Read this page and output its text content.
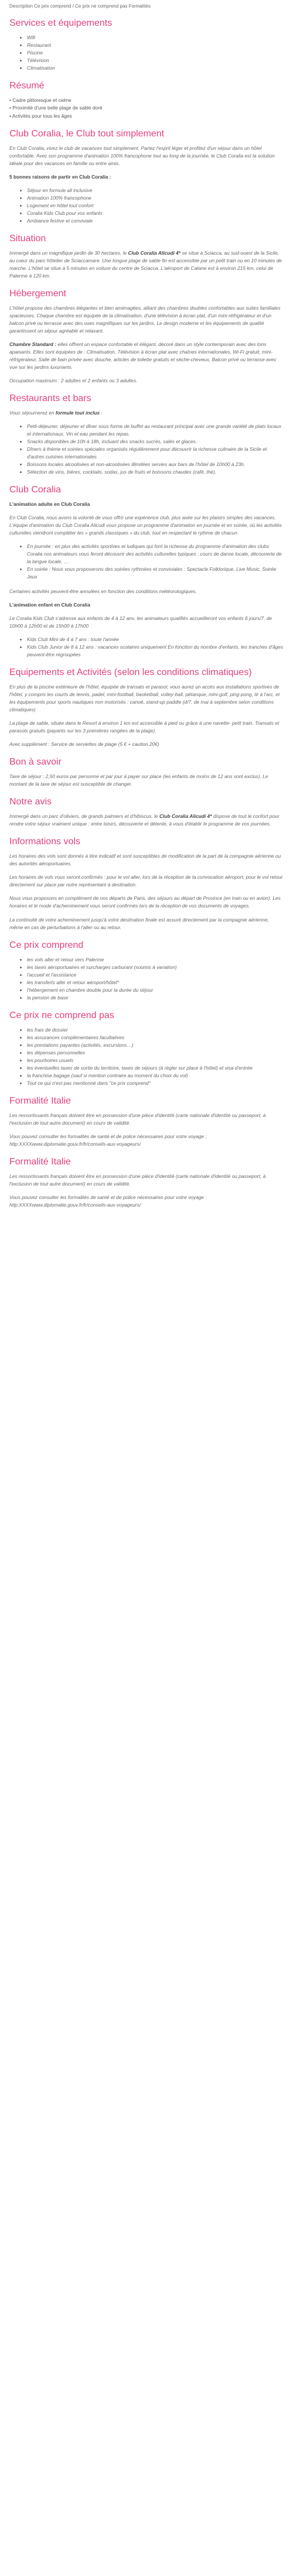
Description Ce prix comprend / Ce prix ne comprend pas Formalités
Services et équipements
• Wifi
• Restaurant
• Piscine
• Télévision
• Climatisation
Résumé
• Cadre pittoresque et calme
• Proximité d'une belle plage de sable doré
• Activités pour tous les âges
Club Coralia, le Club tout simplement

En Club Coralia, vivez le club de vacances tout simplement. Partez l'esprit léger et profitez d'un séjour dans un hôtel confortable. Avec son programme d'animation 100% francophone tout au long de la journée, le Club Coralia est la solution idéale pour des vacances en famille ou entre amis.

5 bonnes raisons de partir en Club Coralia :

• Séjour en formule all inclusive
• Animation 100% francophone
• Logement en hôtel tout confort
• Coralia Kids Club pour vos enfants
• Ambiance festive et conviviale
Situation

Immergé dans un magnifique jardin de 30 hectares, le Club Coralia Alicudi 4* se situe à Sciacca, au sud-ouest de la Sicile, au cœur du parc hôtelier de Sciaccamare. Une longue plage de sable fin est accessible par un petit train ou en 10 minutes de marche. L'hôtel se situe à 5 minutes en voiture du centre de Sciacca. L'aéroport de Catane est à environ 215 km, celui de Palerme à 120 km.

Hébergement

L'hôtel propose des chambres élégantes et bien aménagées, alliant des chambres doubles confortables aux suites familiales spacieuses. Chaque chambre est équipée de la climatisation, d'une télévision à écran plat, d'un mini-réfrigérateur et d'un balcon privé ou terrasse avec des vues magnifiques sur les jardins. Le design moderne et les équipements de qualité garantissent un séjour agréable et relaxant.

Chambre Standard : elles offrent un espace confortable et élégant, décoré dans un style contemporain avec des tons apaisants. Elles sont équipées de : Climatisation, Télévision à écran plat avec chaînes internationales, Wi-Fi gratuit, mini-réfrigérateur, Salle de bain privée avec douche, articles de toilette gratuits et sèche-cheveux, Balcon privé ou terrasse avec vue sur les jardins luxuriants.

Occupation maximum : 2 adultes et 2 enfants ou 3 adultes.

Restaurants et bars

Vous séjournerez en formule tout inclus :

• Petit-déjeuner, déjeuner et dîner sous forme de buffet au restaurant principal avec une grande variété de plats locaux et internationaux. Vin et eau pendant les repas.
• Snacks disponibles de 10h à 18h, incluant des snacks sucrés, salés et glaces.
• Dîners à thème et soirées spéciales organisés régulièrement pour découvrir la richesse culinaire de la Sicile et d'autres cuisines internationales
• Boissons locales alcoolisées et non-alcoolisées illimitées servies aux bars de l'hôtel de 10h00 à 23h.
• Sélection de vins, bières, cocktails, sodas, jus de fruits et boissons chaudes (café, thé).
Club Coralia

L'animation adulte en Club Coralia

En Club Coralia, nous avons la volonté de vous offrir une expérience club, plus axée sur les plaisirs simples des vacances. L'équipe d'animation du Club Coralia Alicudi vous propose un programme d'animation en journée et en soirée, où les activités culturelles viendront compléter les « grands classiques » du club, tout en respectant le rythme de chacun.

• En journée : en plus des activités sportives et ludiques qui font la richesse du programme d'animation des clubs Coralia nos animateurs vous feront découvrir des activités culturelles typiques : cours de danse locale, découverte de la langue locale, …
• En soirée : Nous vous proposerons des soirées rythmées et conviviales : Spectacle Folklorique, Live Music, Soirée Jeux

Certaines activités peuvent-être annulées en fonction des conditions météorologiques.

L'animation enfant en Club Coralia

Le Coralia Kids Club s'adresse aux enfants de 4 à 12 ans, les animateurs qualifiés accueilleront vos enfants 6 jours/7, de 10h00 à 12h00 et de 15h00 à 17h00

• Kids Club Mini de 4 à 7 ans : toute l'année
• Kids Club Junior de 8 à 12 ans : vacances scolaires uniquement En fonction du nombre d'enfants, les tranches d'âges peuvent-être regroupées
Equipements et Activités (selon les conditions climatiques)

En plus de la piscine extérieure de l'hôtel, équipée de transats et parasol, vous aurez un accès aux installations sportives de l'hôtel, y compris les courts de tennis, padel, mini-football, basketball, volley-ball, pétanque, mini-golf, ping-pong, tir à l'arc, et les équipements pour sports nautiques non motorisés : canoë, stand-up paddle (d/7, de mai à septembre selon conditions climatiques)

La plage de sable, située dans le Resort à environ 1 km est accessible à pied ou grâce à une navette- petit train. Transats et parasols gratuits (payants sur les 3 premières rangées de la plage).

Avec supplément : Service de serviettes de plage (5 € + caution 20€)

Bon à savoir

Taxe de séjour : 2,50 euros par personne et par jour à payer sur place (les enfants de moins de 12 ans sont exclus). Le montant de la taxe de séjour est susceptible de changer.

Notre avis

Immergé dans un parc d'oliviers, de grands palmiers et d'hibiscus, le Club Coralia Alicudi 4* dispose de tout le confort pour rendre votre séjour vraiment unique : entre loisirs, découverte et détente, à vous d'établir le programme de vos journées.

Informations vols

Les horaires des vols sont donnés à titre indicatif et sont susceptibles de modification de la part de la compagnie aérienne ou des autorités aéroportuaires.

Les horaires de vols vous seront confirmés : pour le vol aller, lors de la réception de la convocation aéroport, pour le vol retour directement sur place par notre représentant à destination.

Nous vous proposons en complément de nos départs de Paris, des séjours au départ de Province (en train ou en avion). Les horaires et le mode d'acheminement vous seront confirmés lors de la réception de vos documents de voyages.

La continuité de votre acheminement jusqu'à votre destination finale est assuré directement par la compagnie aérienne, même en cas de perturbations à l'aller ou au retour.

Ce prix comprend
• les vols aller et retour vers Palerme
• les taxes aéroportuaires et surcharges carburant (soumis à variation)
• l'accueil et l'assistance
• les transferts aller et retour aéroport/hôtel*
• l'hébergement en chambre double pour la durée du séjour
• la pension de base
Ce prix ne comprend pas
• les frais de dossier
• les assurances complémentaires facultatives
• les prestations payantes (activités, excursions…)
• les dépenses personnelles
• les pourboires usuels
• les éventuelles taxes de sortie du territoire, taxes de séjours (à régler sur place à l'hôtel) et visa d'entrée
• la franchise bagage (sauf si mention contraire au moment du choix du vol)
• Tout ce qui n'est pas mentionné dans "ce prix comprend"
Formalité Italie

Les ressortissants français doivent être en possession d'une pièce d'identité (carte nationale d'identité ou passeport, à l'exclusion de tout autre document) en cours de validité.

Vous pouvez consulter les formalités de santé et de police nécessaires pour votre voyage : http:XXXXwww.diplomatie.gouv.fr/fr/conseils-aux-voyageurs/

Formalité Italie

Les ressortissants français doivent être en possession d'une pièce d'identité (carte nationale d'identité ou passeport, à l'exclusion de tout autre document) en cours de validité.

Vous pouvez consulter les formalités de santé et de police nécessaires pour votre voyage : http:XXXXwww.diplomatie.gouv.fr/fr/conseils-aux-voyageurs/
